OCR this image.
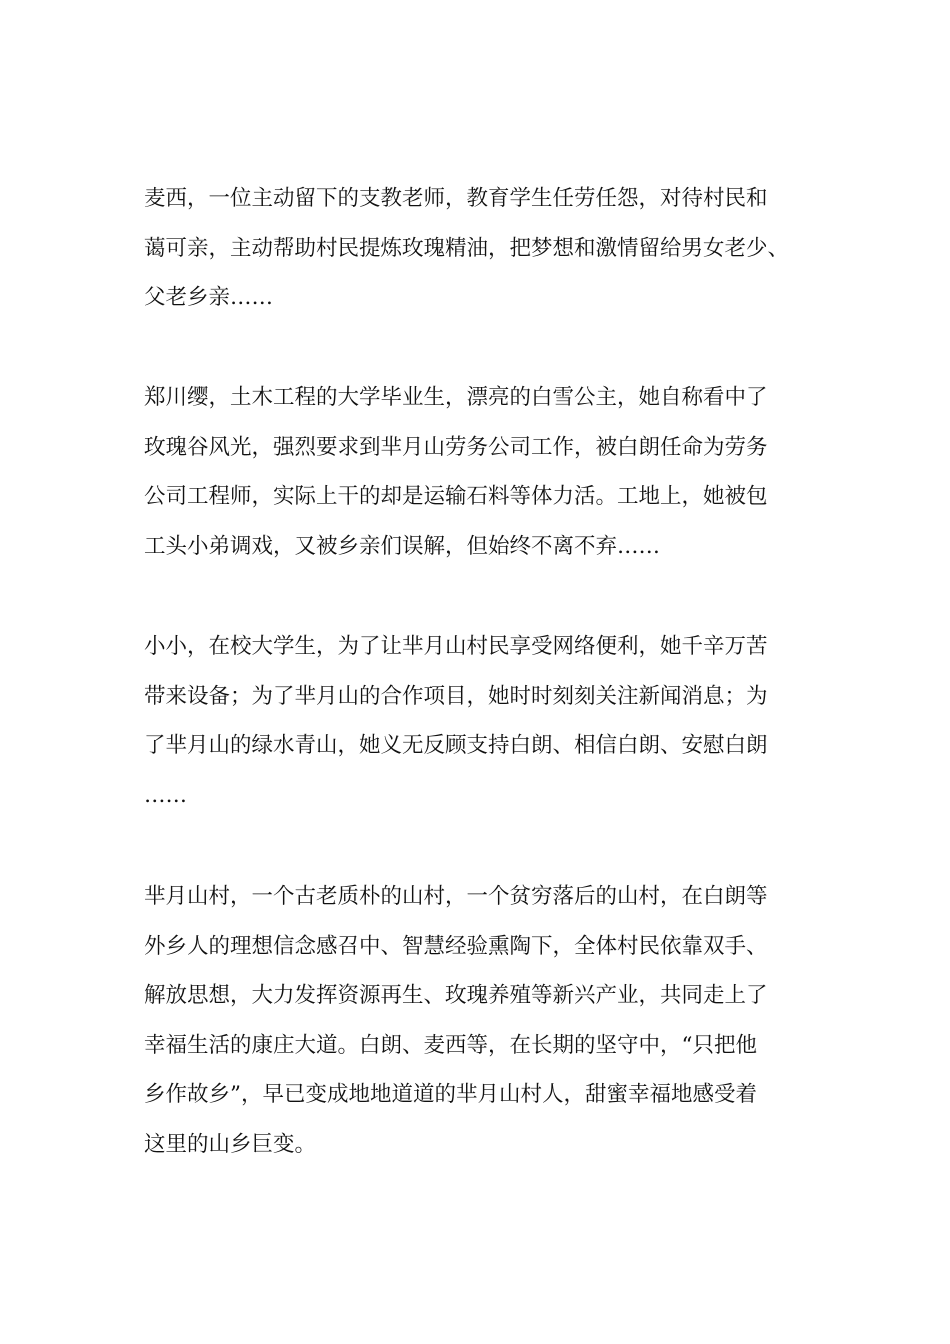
麦西，一位主动留下的支教老师，教育学生任劳任怨，对待村民和
蔼可亲，主动帮助村民提炼玫瑰精油，把梦想和激情留给男女老少、
父老乡亲……
郑川缨，土木工程的大学毕业生，漂亮的白雪公主，她自称看中了
玫瑰谷风光，强烈要求到芈月山劳务公司工作，被白朗任命为劳务
公司工程师，实际上干的却是运输石料等体力活。工地上，她被包
工头小弟调戏，又被乡亲们误解，但始终不离不弃……
小小，在校大学生，为了让芈月山村民享受网络便利，她千辛万苦
带来设备；为了芈月山的合作项目，她时时刻刻关注新闻消息；为
了芈月山的绿水青山，她义无反顾支持白朗、相信白朗、安慰白朗
……
芈月山村，一个古老质朴的山村，一个贫穷落后的山村，在白朗等
外乡人的理想信念感召中、智慧经验熏陶下，全体村民依靠双手、
解放思想，大力发挥资源再生、玫瑰养殖等新兴产业，共同走上了
幸福生活的康庄大道。白朗、麦西等，在长期的坚守中，“只把他
乡作故乡”，早已变成地地道道的芈月山村人，甜蜜幸福地感受着
这里的山乡巨变。
